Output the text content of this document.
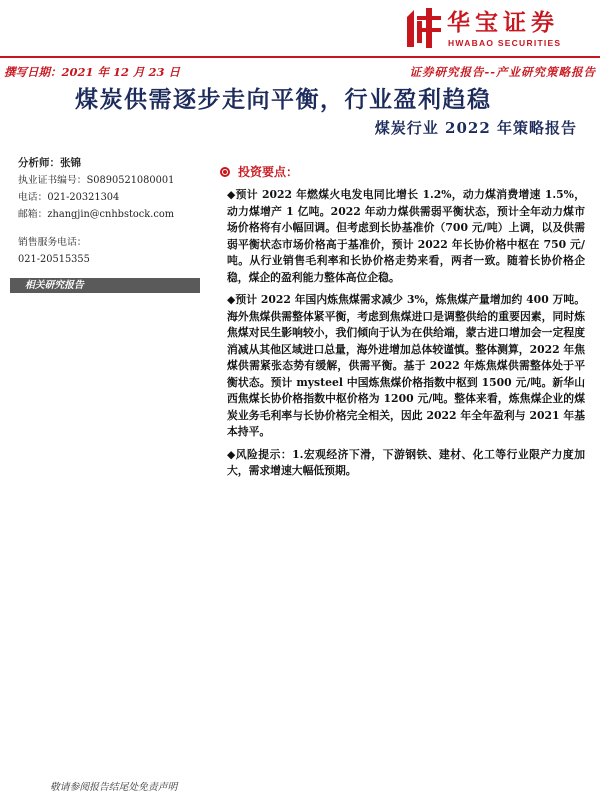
华宝证券
HWABAO SECURITIES
撰写日期：2021 年 12 月 23 日	证券研究报告--产业研究策略报告
煤炭供需逐步走向平衡，行业盈利趋稳
煤炭行业 2022 年策略报告
分析师：张锦
执业证书编号：S0890521080001
电话：021-20321304
邮箱：zhangjin@cnhbstock.com
销售服务电话：
021-20515355
相关研究报告
投资要点：

◆预计 2022 年燃煤火电发电同比增长 1.2%，动力煤消费增速 1.5%，动力煤增产 1 亿吨。2022 年动力煤供需弱平衡状态，预计全年动力煤市场价格将有小幅回调。但考虑到长协基准价（700 元/吨）上调，以及供需弱平衡状态市场价格高于基准价，预计 2022 年长协价格中枢在 750 元/吨。从行业销售毛利率和长协价格走势来看，两者一致。随着长协价格企稳，煤企的盈利能力整体高位企稳。

◆预计 2022 年国内炼焦煤需求减少 3%，炼焦煤产量增加约 400 万吨。海外焦煤供需整体紧平衡，考虑到焦煤进口是调整供给的重要因素，同时炼焦煤对民生影响较小，我们倾向于认为在供给端，蒙古进口增加会一定程度消减从其他区域进口总量，海外进增加总体较谨慎。整体测算，2022 年焦煤供需紧张态势有缓解，供需平衡。基于 2022 年炼焦煤供需整体处于平衡状态。预计 mysteel 中国炼焦煤价格指数中枢到 1500 元/吨。新华山西焦煤长协价格指数中枢价格为 1200 元/吨。整体来看，炼焦煤企业的煤炭业务毛利率与长协价格完全相关，因此 2022 年全年盈利与 2021 年基本持平。

◆风险提示：1.宏观经济下滑，下游钢铁、建材、化工等行业限产力度加大，需求增速大幅低预期。

敬请参阅报告结尾处免责声明
